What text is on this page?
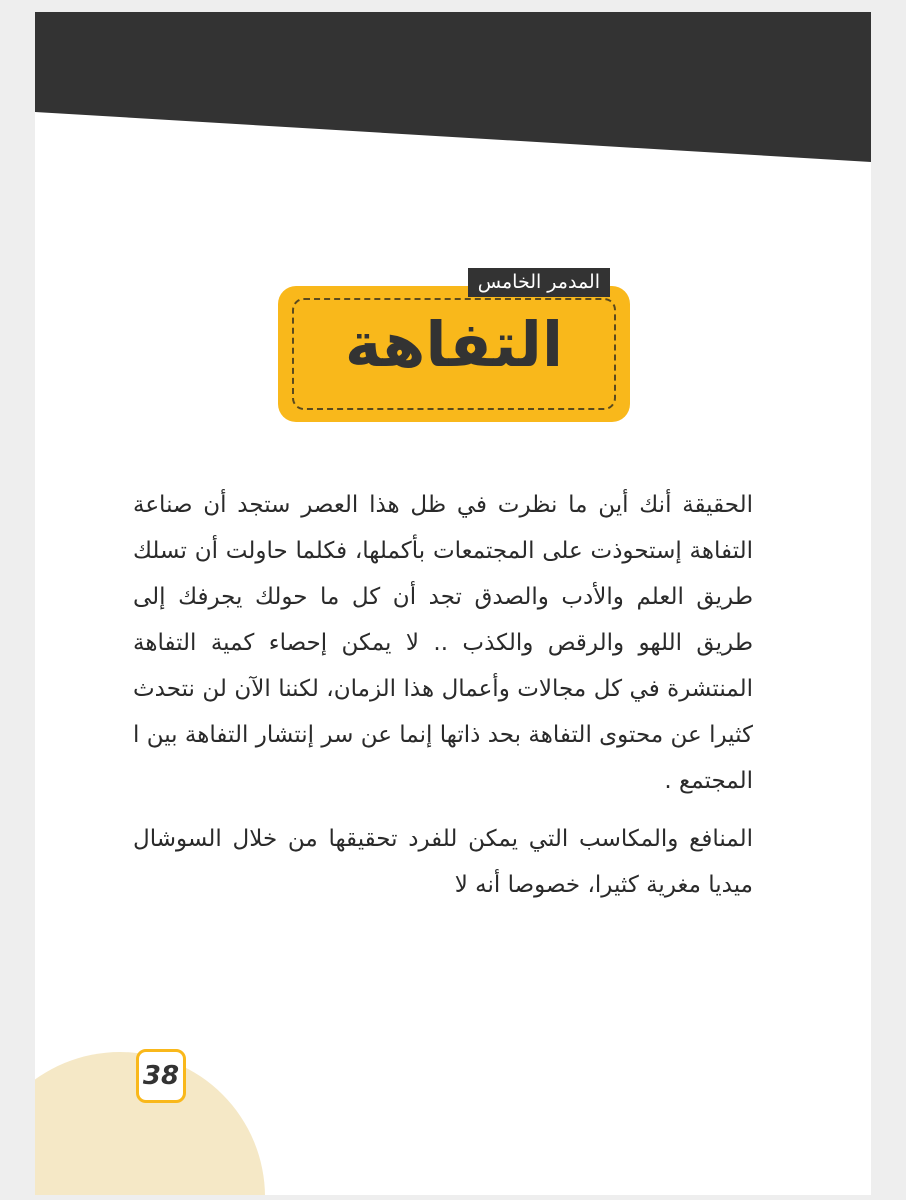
التفاهة
المدمر الخامس

الحقيقة أنك أين ما نظرت في ظل هذا العصر ستجد أن صناعة التفاهة إستحوذت على المجتمعات بأكملها، فكلما حاولت أن تسلك طريق العلم والأدب والصدق تجد أن كل ما حولك يجرفك إلى طريق اللهو والرقص والكذب .. لا يمكن إحصاء كمية التفاهة المنتشرة في كل مجالات وأعمال هذا الزمان، لكننا الآن لن نتحدث كثيرا عن محتوى التفاهة بحد ذاتها إنما عن سر إنتشار التفاهة بين ا المجتمع .

المنافع والمكاسب التي يمكن للفرد تحقيقها من خلال السوشال ميديا مغرية كثيرا، خصوصا أنه لا

38
